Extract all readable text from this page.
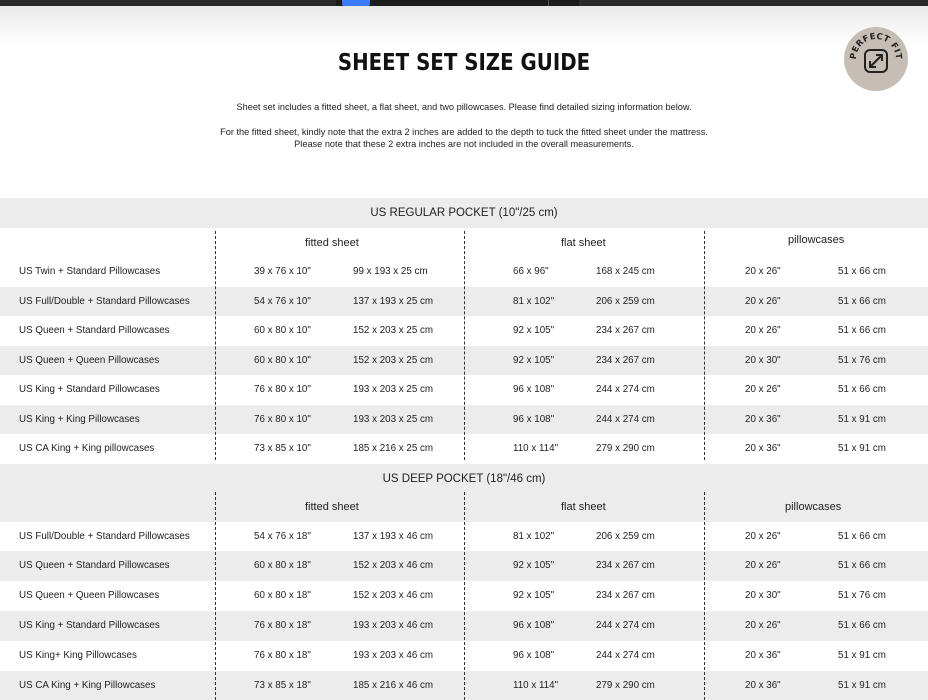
SHEET SET SIZE GUIDE
Sheet set includes a fitted sheet, a flat sheet, and two pillowcases. Please find detailed sizing information below.
For the fitted sheet, kindly note that the extra 2 inches are added to the depth to tuck the fitted sheet under the mattress.
Please note that these 2 extra inches are not included in the overall measurements.
PERFECT FIT
US REGULAR POCKET (10"/25 cm)
fitted sheet	flat sheet	pillowcases
US Twin + Standard Pillowcases	39 x 76 x 10"	99 x 193 x 25 cm	66 x 96"	168 x 245 cm	20 x 26"	51 x 66 cm
US Full/Double + Standard Pillowcases	54 x 76 x 10"	137 x 193 x 25 cm	81 x 102"	206 x 259 cm	20 x 26"	51 x 66 cm
US Queen + Standard Pillowcases	60 x 80 x 10"	152 x 203 x 25 cm	92 x 105"	234 x 267 cm	20 x 26"	51 x 66 cm
US Queen + Queen Pillowcases	60 x 80 x 10"	152 x 203 x 25 cm	92 x 105"	234 x 267 cm	20 x 30"	51 x 76 cm
US King + Standard Pillowcases	76 x 80 x 10"	193 x 203 x 25 cm	96 x 108"	244 x 274 cm	20 x 26"	51 x 66 cm
US King + King Pillowcases	76 x 80 x 10"	193 x 203 x 25 cm	96 x 108"	244 x 274 cm	20 x 36"	51 x 91 cm
US CA King + King pillowcases	73 x 85 x 10"	185 x 216 x 25 cm	110 x 114"	279 x 290 cm	20 x 36"	51 x 91 cm
US DEEP POCKET (18"/46 cm)
fitted sheet	flat sheet	pillowcases
US Full/Double + Standard Pillowcases	54 x 76 x 18"	137 x 193 x 46 cm	81 x 102"	206 x 259 cm	20 x 26"	51 x 66 cm
US Queen + Standard Pillowcases	60 x 80 x 18"	152 x 203 x 46 cm	92 x 105"	234 x 267 cm	20 x 26"	51 x 66 cm
US Queen + Queen Pillowcases	60 x 80 x 18"	152 x 203 x 46 cm	92 x 105"	234 x 267 cm	20 x 30"	51 x 76 cm
US King + Standard Pillowcases	76 x 80 x 18"	193 x 203 x 46 cm	96 x 108"	244 x 274 cm	20 x 26"	51 x 66 cm
US King+ King Pillowcases	76 x 80 x 18"	193 x 203 x 46 cm	96 x 108"	244 x 274 cm	20 x 36"	51 x 91 cm
US CA King + King Pillowcases	73 x 85 x 18"	185 x 216 x 46 cm	110 x 114"	279 x 290 cm	20 x 36"	51 x 91 cm
